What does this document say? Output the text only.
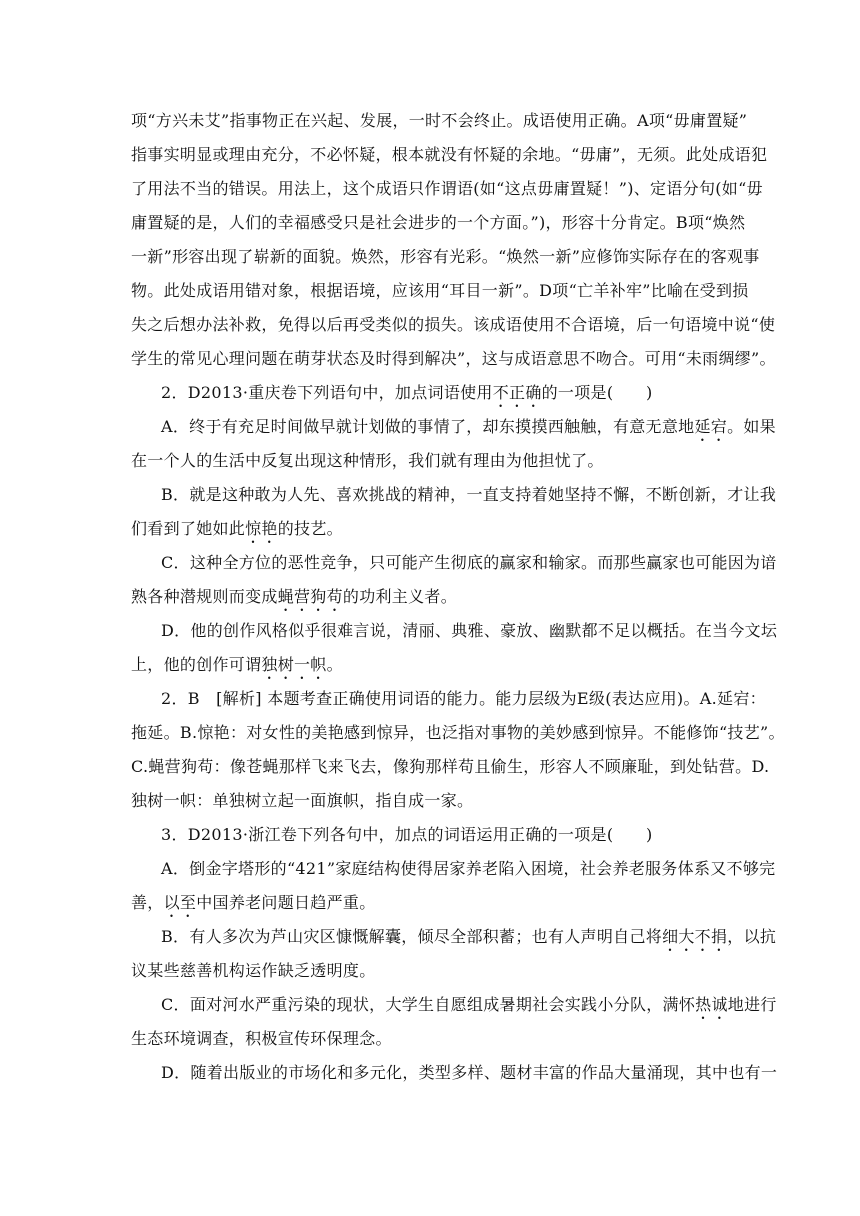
项“方兴未艾”指事物正在兴起、发展，一时不会终止。成语使用正确。A项“毋庸置疑”
指事实明显或理由充分，不必怀疑，根本就没有怀疑的余地。“毋庸”，无须。此处成语犯
了用法不当的错误。用法上，这个成语只作谓语(如“这点毋庸置疑！”)、定语分句(如“毋
庸置疑的是，人们的幸福感受只是社会进步的一个方面。”)，形容十分肯定。B项“焕然
一新”形容出现了崭新的面貌。焕然，形容有光彩。“焕然一新”应修饰实际存在的客观事
物。此处成语用错对象，根据语境，应该用“耳目一新”。D项“亡羊补牢”比喻在受到损
失之后想办法补救，免得以后再受类似的损失。该成语使用不合语境，后一句语境中说“使
学生的常见心理问题在萌芽状态及时得到解决”，这与成语意思不吻合。可用“未雨绸缪”。
2．D2013·重庆卷下列语句中，加点词语使用不正确的一项是(　　)
A．终于有充足时间做早就计划做的事情了，却东摸摸西触触，有意无意地延宕。如果
在一个人的生活中反复出现这种情形，我们就有理由为他担忧了。
B．就是这种敢为人先、喜欢挑战的精神，一直支持着她坚持不懈，不断创新，才让我
们看到了她如此惊艳的技艺。
C．这种全方位的恶性竞争，只可能产生彻底的赢家和输家。而那些赢家也可能因为谙
熟各种潜规则而变成蝇营狗苟的功利主义者。
D．他的创作风格似乎很难言说，清丽、典雅、豪放、幽默都不足以概括。在当今文坛
上，他的创作可谓独树一帜。
2．B　[解析] 本题考查正确使用词语的能力。能力层级为E级(表达应用)。A.延宕：
拖延。B.惊艳：对女性的美艳感到惊异，也泛指对事物的美妙感到惊异。不能修饰“技艺”。
C.蝇营狗苟：像苍蝇那样飞来飞去，像狗那样苟且偷生，形容人不顾廉耻，到处钻营。D.
独树一帜：单独树立起一面旗帜，指自成一家。
3．D2013·浙江卷下列各句中，加点的词语运用正确的一项是(　　)
A．倒金字塔形的“421”家庭结构使得居家养老陷入困境，社会养老服务体系又不够完
善，以至中国养老问题日趋严重。
B．有人多次为芦山灾区慷慨解囊，倾尽全部积蓄；也有人声明自己将细大不捐，以抗
议某些慈善机构运作缺乏透明度。
C．面对河水严重污染的现状，大学生自愿组成暑期社会实践小分队，满怀热诚地进行
生态环境调查，积极宣传环保理念。
D．随着出版业的市场化和多元化，类型多样、题材丰富的作品大量涌现，其中也有一
